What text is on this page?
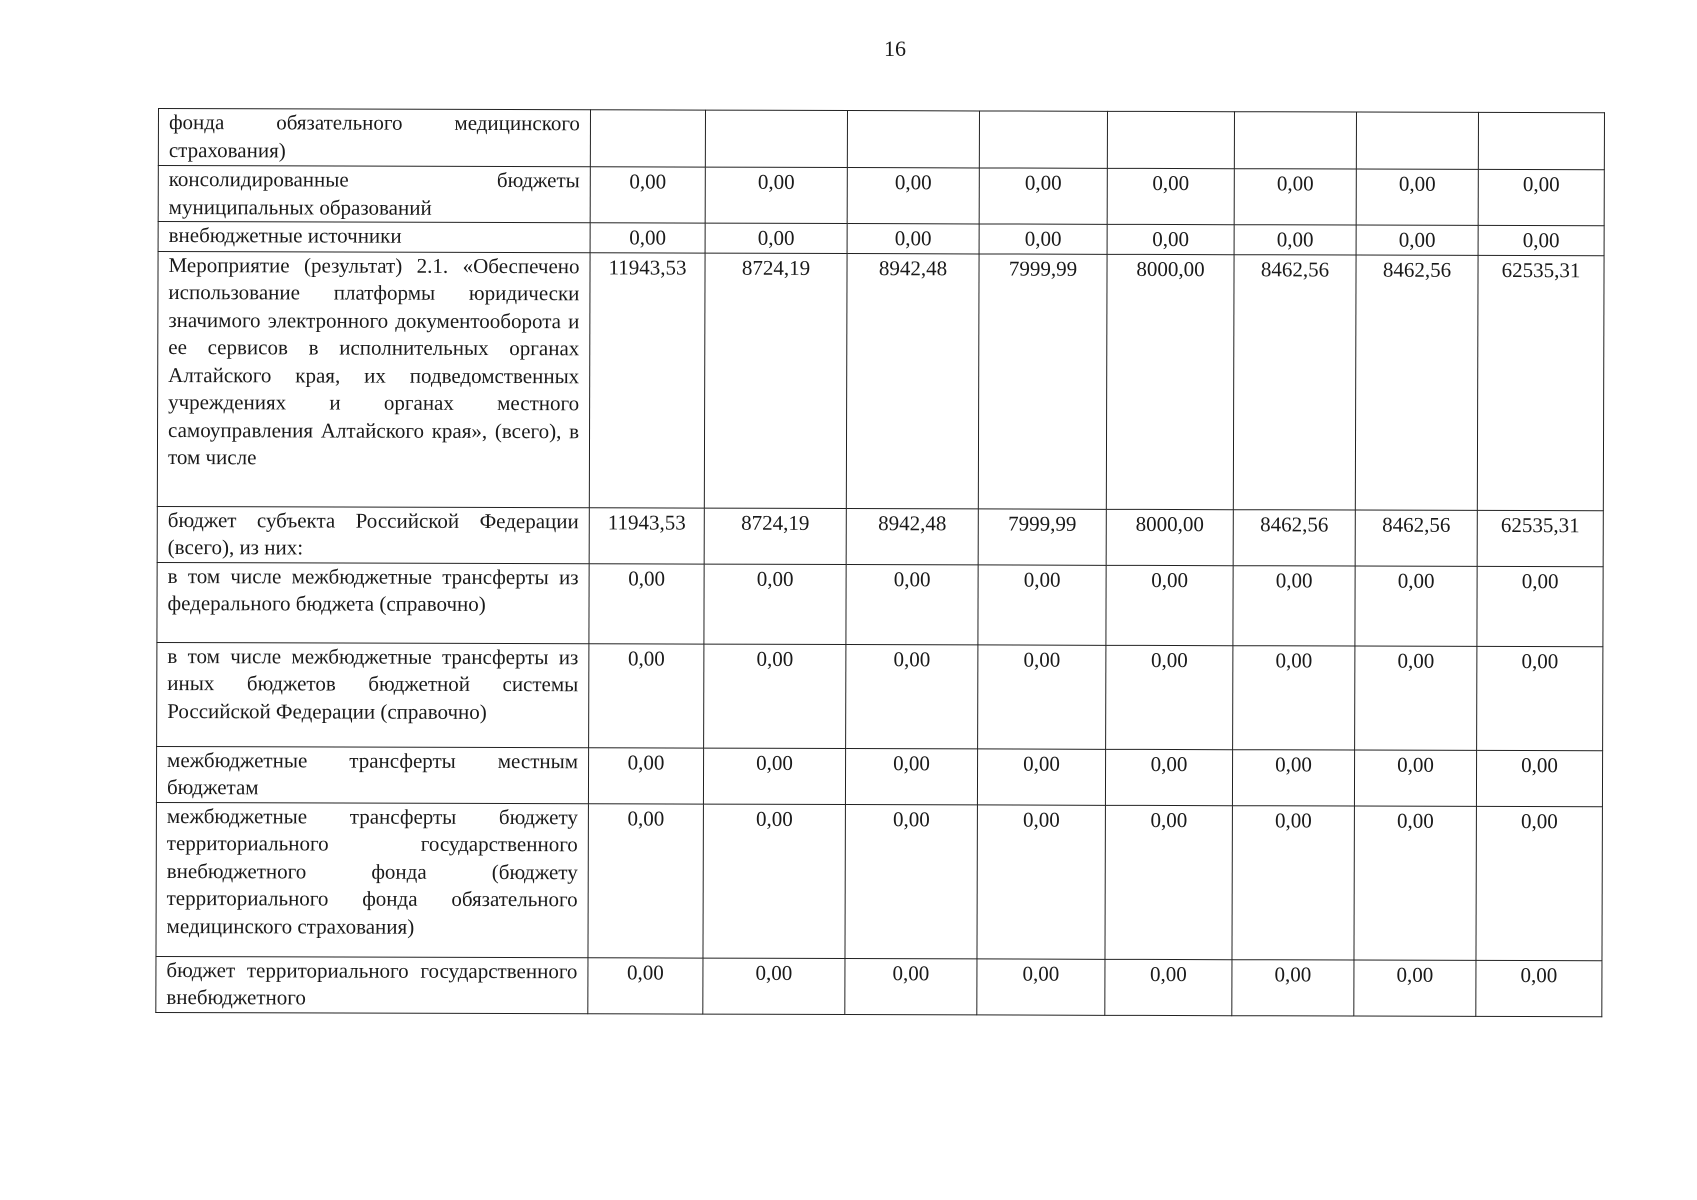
16
фонда обязательного медицинского страхования)								
консолидированные бюджеты муниципальных образований	0,00	0,00	0,00	0,00	0,00	0,00	0,00	0,00
внебюджетные источники	0,00	0,00	0,00	0,00	0,00	0,00	0,00	0,00
Мероприятие (результат) 2.1. «Обеспечено использование платформы юридически значимого электронного документооборота и ее сервисов в исполнительных органах Алтайского края, их подведомственных учреждениях и органах местного самоуправления Алтайского края», (всего), в том числе	11943,53	8724,19	8942,48	7999,99	8000,00	8462,56	8462,56	62535,31
бюджет субъекта Российской Федерации (всего), из них:	11943,53	8724,19	8942,48	7999,99	8000,00	8462,56	8462,56	62535,31
в том числе межбюджетные трансферты из федерального бюджета (справочно)	0,00	0,00	0,00	0,00	0,00	0,00	0,00	0,00
в том числе межбюджетные трансферты из иных бюджетов бюджетной системы Российской Федерации (справочно)	0,00	0,00	0,00	0,00	0,00	0,00	0,00	0,00
межбюджетные трансферты местным бюджетам	0,00	0,00	0,00	0,00	0,00	0,00	0,00	0,00
межбюджетные трансферты бюджету территориального государственного внебюджетного фонда (бюджету территориального фонда обязательного медицинского страхования)	0,00	0,00	0,00	0,00	0,00	0,00	0,00	0,00
бюджет территориального государственного внебюджетного	0,00	0,00	0,00	0,00	0,00	0,00	0,00	0,00
